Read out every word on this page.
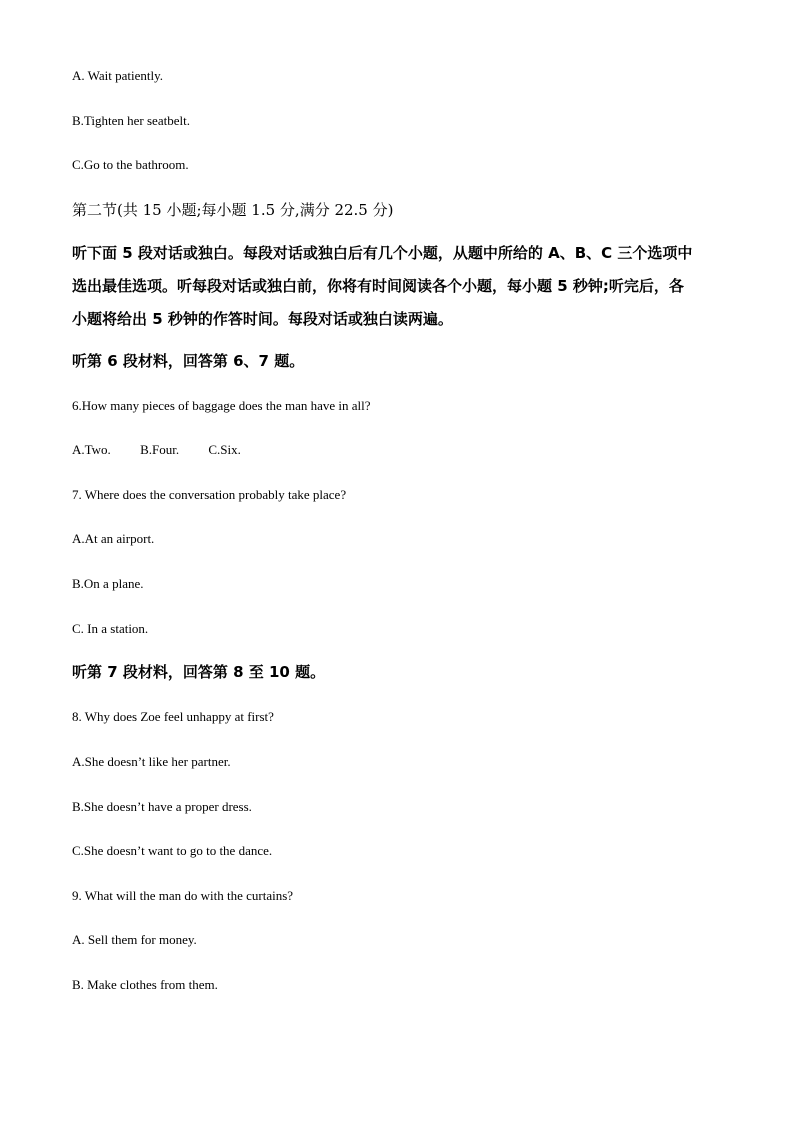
A. Wait patiently.
B.Tighten her seatbelt.
C.Go to the bathroom.
第二节(共 15 小题;每小题 1.5 分,满分 22.5 分)
听下面 5 段对话或独白。每段对话或独白后有几个小题，从题中所给的 A、B、C 三个选项中
选出最佳选项。听每段对话或独白前，你将有时间阅读各个小题，每小题 5 秒钟;听完后，各
小题将给出 5 秒钟的作答时间。每段对话或独白读两遍。
听第 6 段材料，回答第 6、7 题。
6.How many pieces of baggage does the man have in all?
A.Two. B.Four. C.Six.
7. Where does the conversation probably take place?
A.At an airport.
B.On a plane.
C. In a station.
听第 7 段材料，回答第 8 至 10 题。
8. Why does Zoe feel unhappy at first?
A.She doesn’t like her partner.
B.She doesn’t have a proper dress.
C.She doesn’t want to go to the dance.
9. What will the man do with the curtains?
A. Sell them for money.
B. Make clothes from them.
